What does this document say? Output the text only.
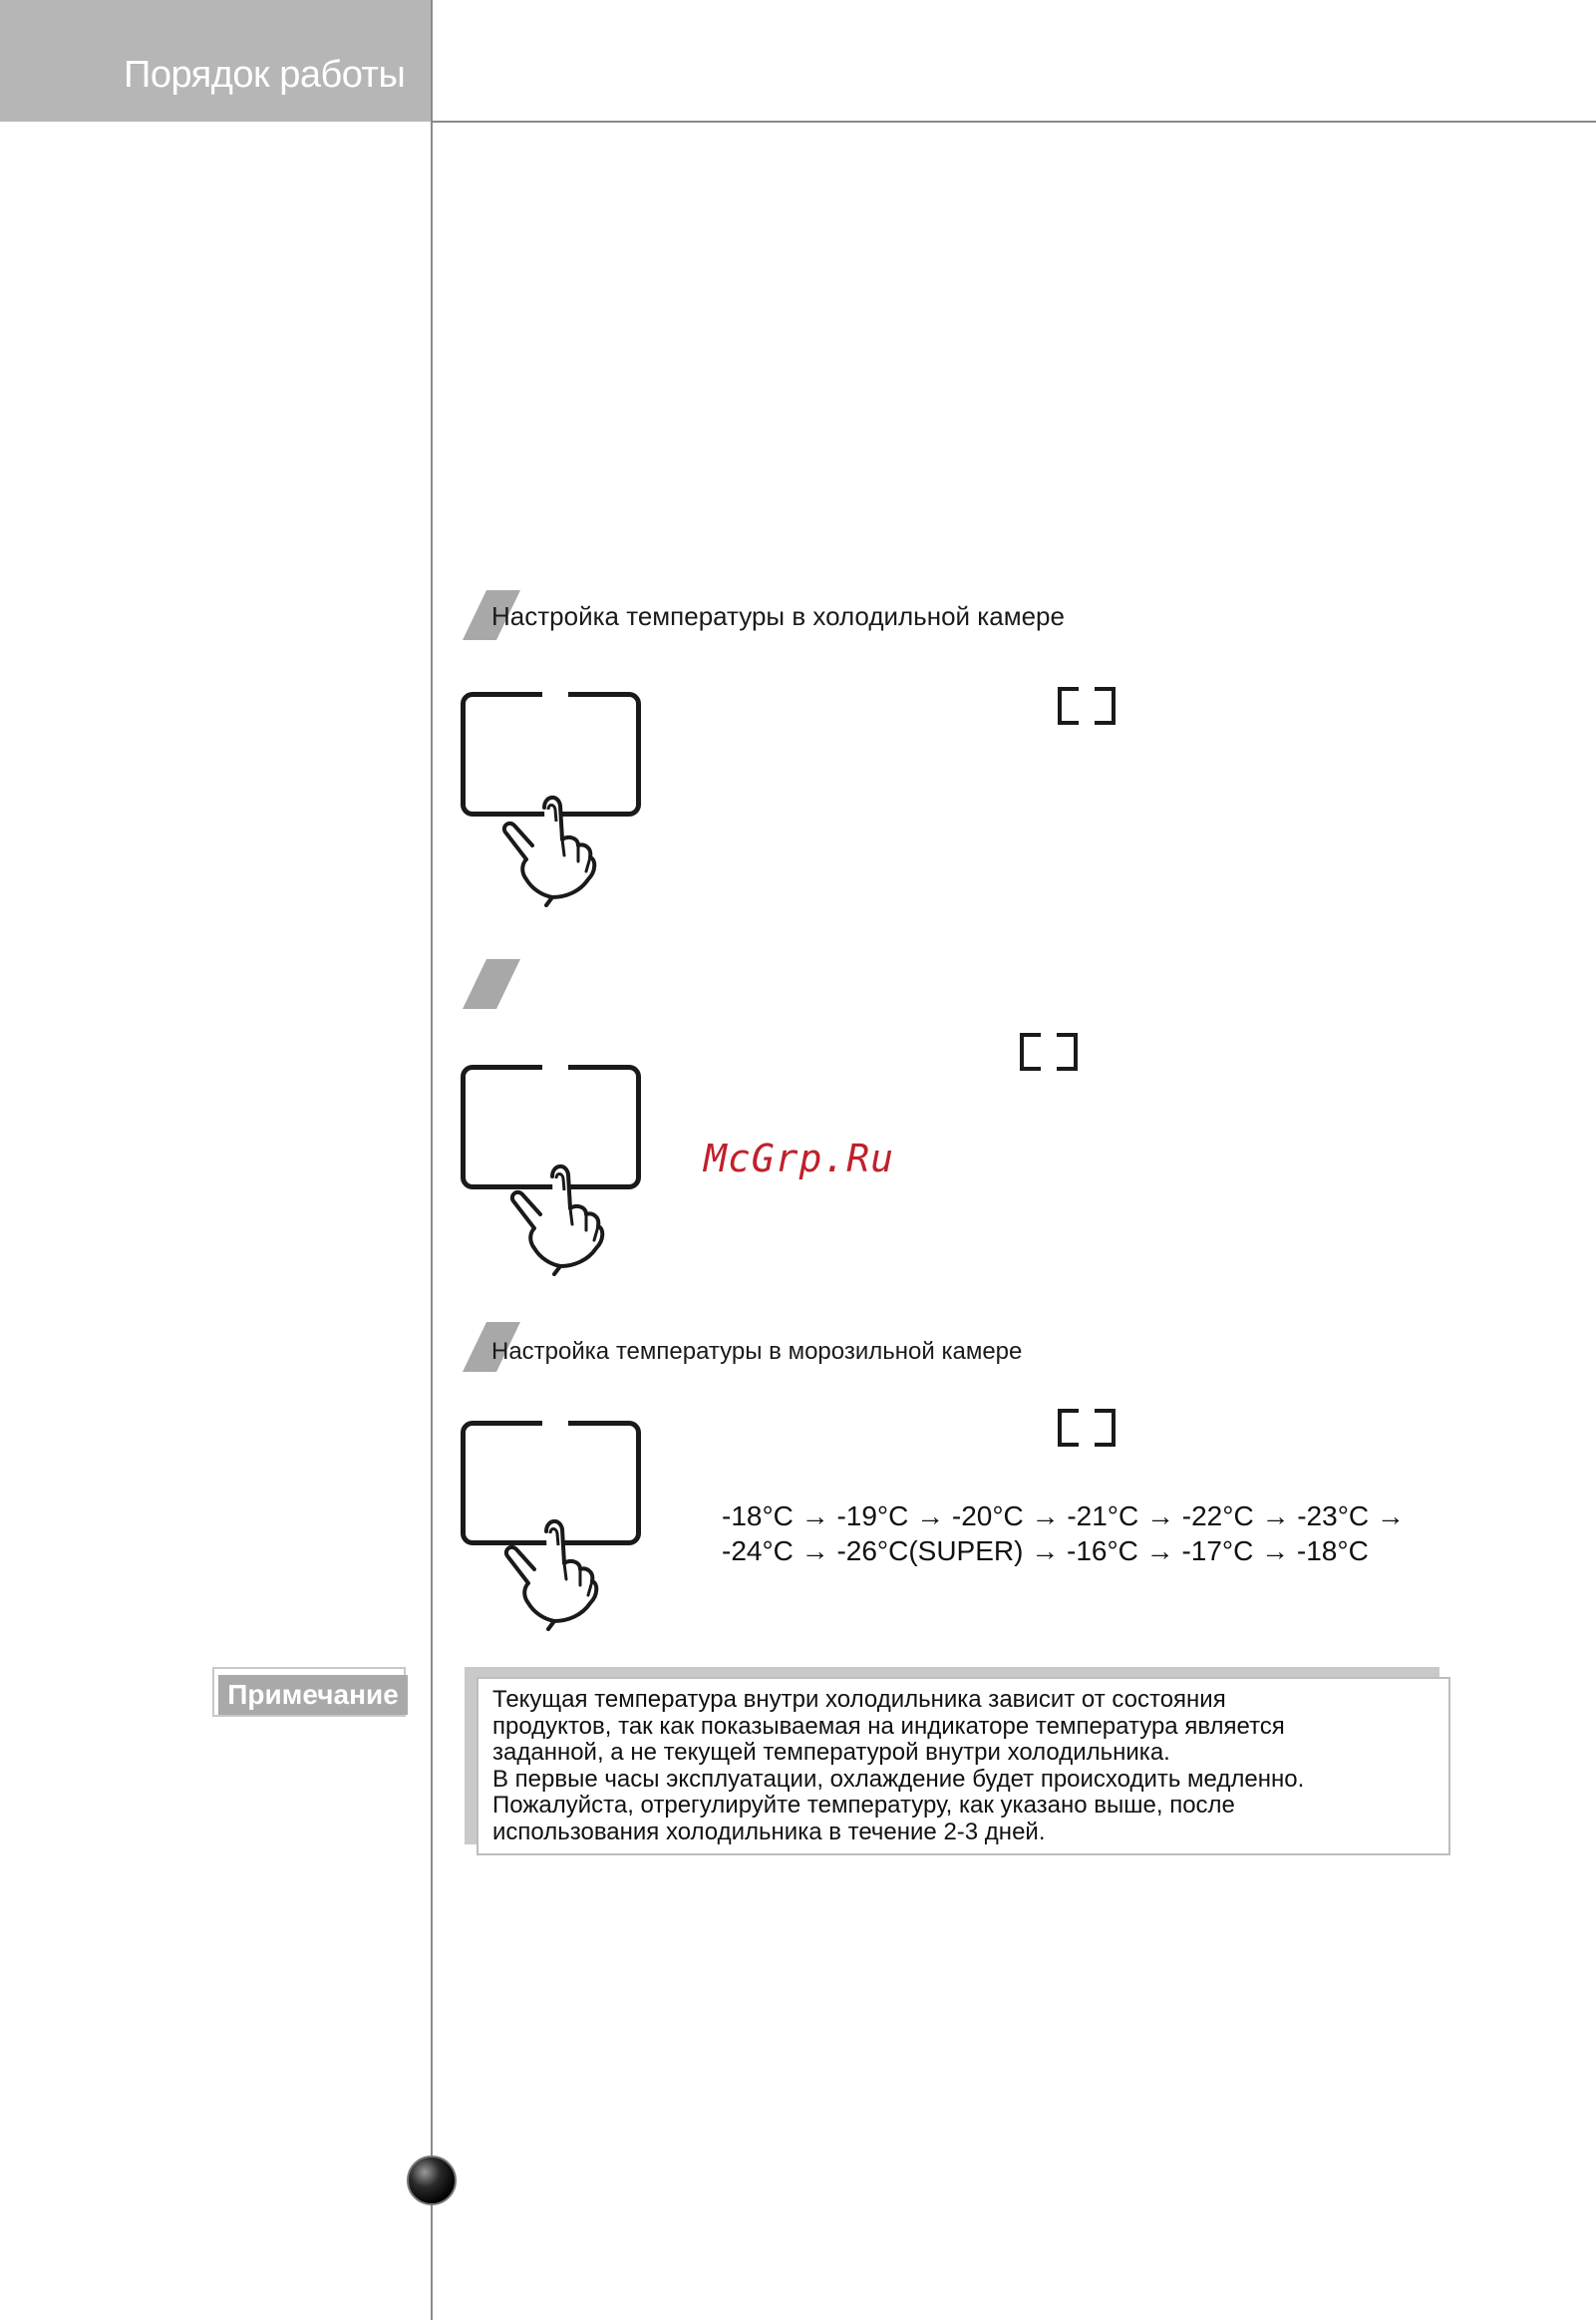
Порядок работы
Настройка температуры в холодильной камере
McGrp.Ru
Настройка температуры в морозильной камере
-18°C → -19°C → -20°C → -21°C → -22°C → -23°C →
-24°C → -26°C(SUPER) → -16°C → -17°C → -18°C
Примечание	Текущая температура внутри холодильника зависит от состояния

продуктов, так как показываемая на индикаторе температура является

заданной, а не текущей температурой внутри холодильника.

В первые часы эксплуатации, охлаждение будет происходить медленно.

Пожалуйста, отрегулируйте температуру, как указано выше, после

использования холодильника в течение 2-3 дней.
